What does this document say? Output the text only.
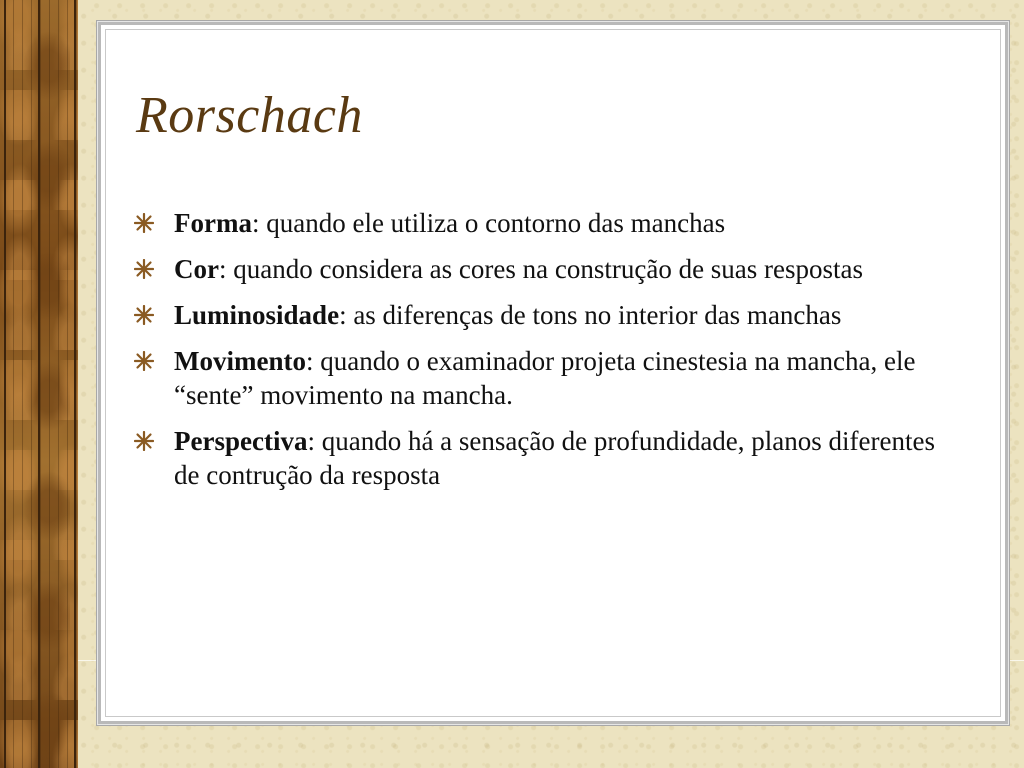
Rorschach
Forma: quando ele utiliza o contorno das manchas
Cor: quando considera as cores na construção de suas respostas
Luminosidade: as diferenças de tons no interior das manchas
Movimento: quando o examinador projeta cinestesia na mancha, ele “sente” movimento na mancha.
Perspectiva: quando há a sensação de profundidade, planos diferentes de contrução da resposta
